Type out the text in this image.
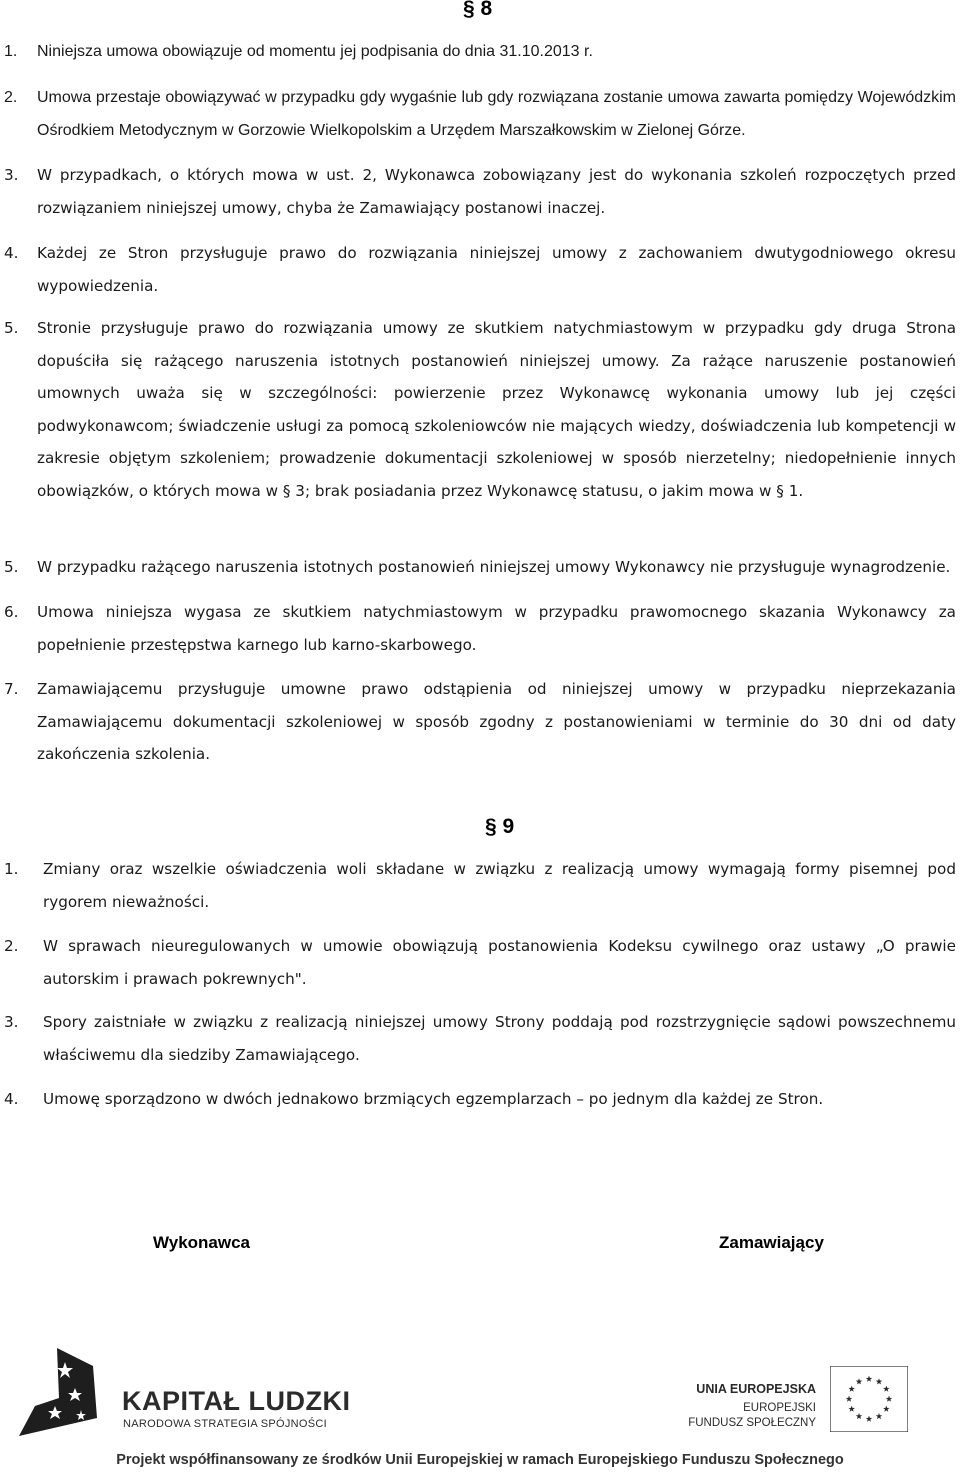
§ 8
1. Niniejsza umowa obowiązuje od momentu jej podpisania do dnia 31.10.2013 r.
2. Umowa przestaje obowiązywać w przypadku gdy wygaśnie lub gdy rozwiązana zostanie umowa zawarta pomiędzy Wojewódzkim Ośrodkiem Metodycznym w Gorzowie Wielkopolskim a Urzędem Marszałkowskim w Zielonej Górze.
3. W przypadkach, o których mowa w ust. 2, Wykonawca zobowiązany jest do wykonania szkoleń rozpoczętych przed rozwiązaniem niniejszej umowy, chyba że Zamawiający postanowi inaczej.
4. Każdej ze Stron przysługuje prawo do rozwiązania niniejszej umowy z zachowaniem dwutygodniowego okresu wypowiedzenia.
5. Stronie przysługuje prawo do rozwiązania umowy ze skutkiem natychmiastowym w przypadku gdy druga Strona dopuściła się rażącego naruszenia istotnych postanowień niniejszej umowy. Za rażące naruszenie postanowień umownych uważa się w szczególności: powierzenie przez Wykonawcę wykonania umowy lub jej części podwykonawcom; świadczenie usługi za pomocą szkoleniowców nie mających wiedzy, doświadczenia lub kompetencji w zakresie objętym szkoleniem; prowadzenie dokumentacji szkoleniowej w sposób nierzetelny; niedopełnienie innych obowiązków, o których mowa w § 3; brak posiadania przez Wykonawcę statusu, o jakim mowa w § 1.
5. W przypadku rażącego naruszenia istotnych postanowień niniejszej umowy Wykonawcy nie przysługuje wynagrodzenie.
6. Umowa niniejsza wygasa ze skutkiem natychmiastowym w przypadku prawomocnego skazania Wykonawcy za popełnienie przestępstwa karnego lub karno-skarbowego.
7. Zamawiającemu przysługuje umowne prawo odstąpienia od niniejszej umowy w przypadku nieprzekazania Zamawiającemu dokumentacji szkoleniowej w sposób zgodny z postanowieniami w terminie do 30 dni od daty zakończenia szkolenia.
§ 9
1. Zmiany oraz wszelkie oświadczenia woli składane w związku z realizacją umowy wymagają formy pisemnej pod rygorem nieważności.
2. W sprawach nieuregulowanych w umowie obowiązują postanowienia Kodeksu cywilnego oraz ustawy „O prawie autorskim i prawach pokrewnych".
3. Spory zaistniałe w związku z realizacją niniejszej umowy Strony poddają pod rozstrzygnięcie sądowi powszechnemu właściwemu dla siedziby Zamawiającego.
4. Umowę sporządzono w dwóch jednakowo brzmiących egzemplarzach – po jednym dla każdej ze Stron.
Wykonawca	Zamawiający
KAPITAŁ LUDZKI
NARODOWA STRATEGIA SPÓJNOŚCI
UNIA EUROPEJSKA
EUROPEJSKI
FUNDUSZ SPOŁECZNY
Projekt współfinansowany ze środków Unii Europejskiej w ramach Europejskiego Funduszu Społecznego
